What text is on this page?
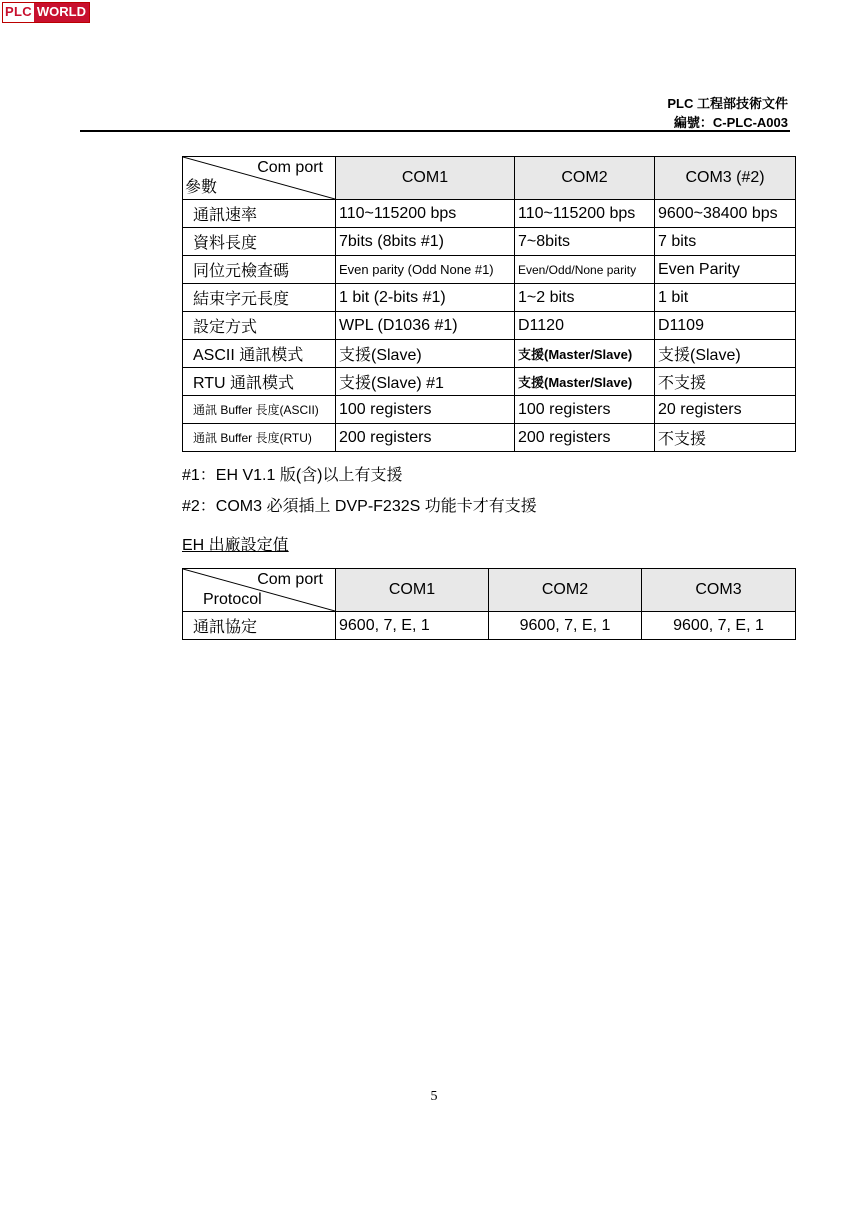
PLC WORLD
PLC 工程部技術文件
編號：C-PLC-A003
Com port
參數	COM1	COM2	COM3 (#2)
通訊速率	110~115200 bps	110~115200 bps	9600~38400 bps
資料長度	7bits (8bits #1)	7~8bits	7 bits
同位元檢查碼	Even parity (Odd None #1)	Even/Odd/None parity	Even Parity
結束字元長度	1 bit (2-bits #1)	1~2 bits	1 bit
設定方式	WPL (D1036 #1)	D1120	D1109
ASCII 通訊模式	支援(Slave)	支援(Master/Slave)	支援(Slave)
RTU 通訊模式	支援(Slave) #1	支援(Master/Slave)	不支援
通訊 Buffer 長度(ASCII)	100 registers	100 registers	20 registers
通訊 Buffer 長度(RTU)	200 registers	200 registers	不支援
#1：EH V1.1 版(含)以上有支援
#2：COM3 必須插上 DVP-F232S 功能卡才有支援
EH 出廠設定值
Com port
Protocol	COM1	COM2	COM3
通訊協定	9600, 7, E, 1	9600, 7, E, 1	9600, 7, E, 1
5
